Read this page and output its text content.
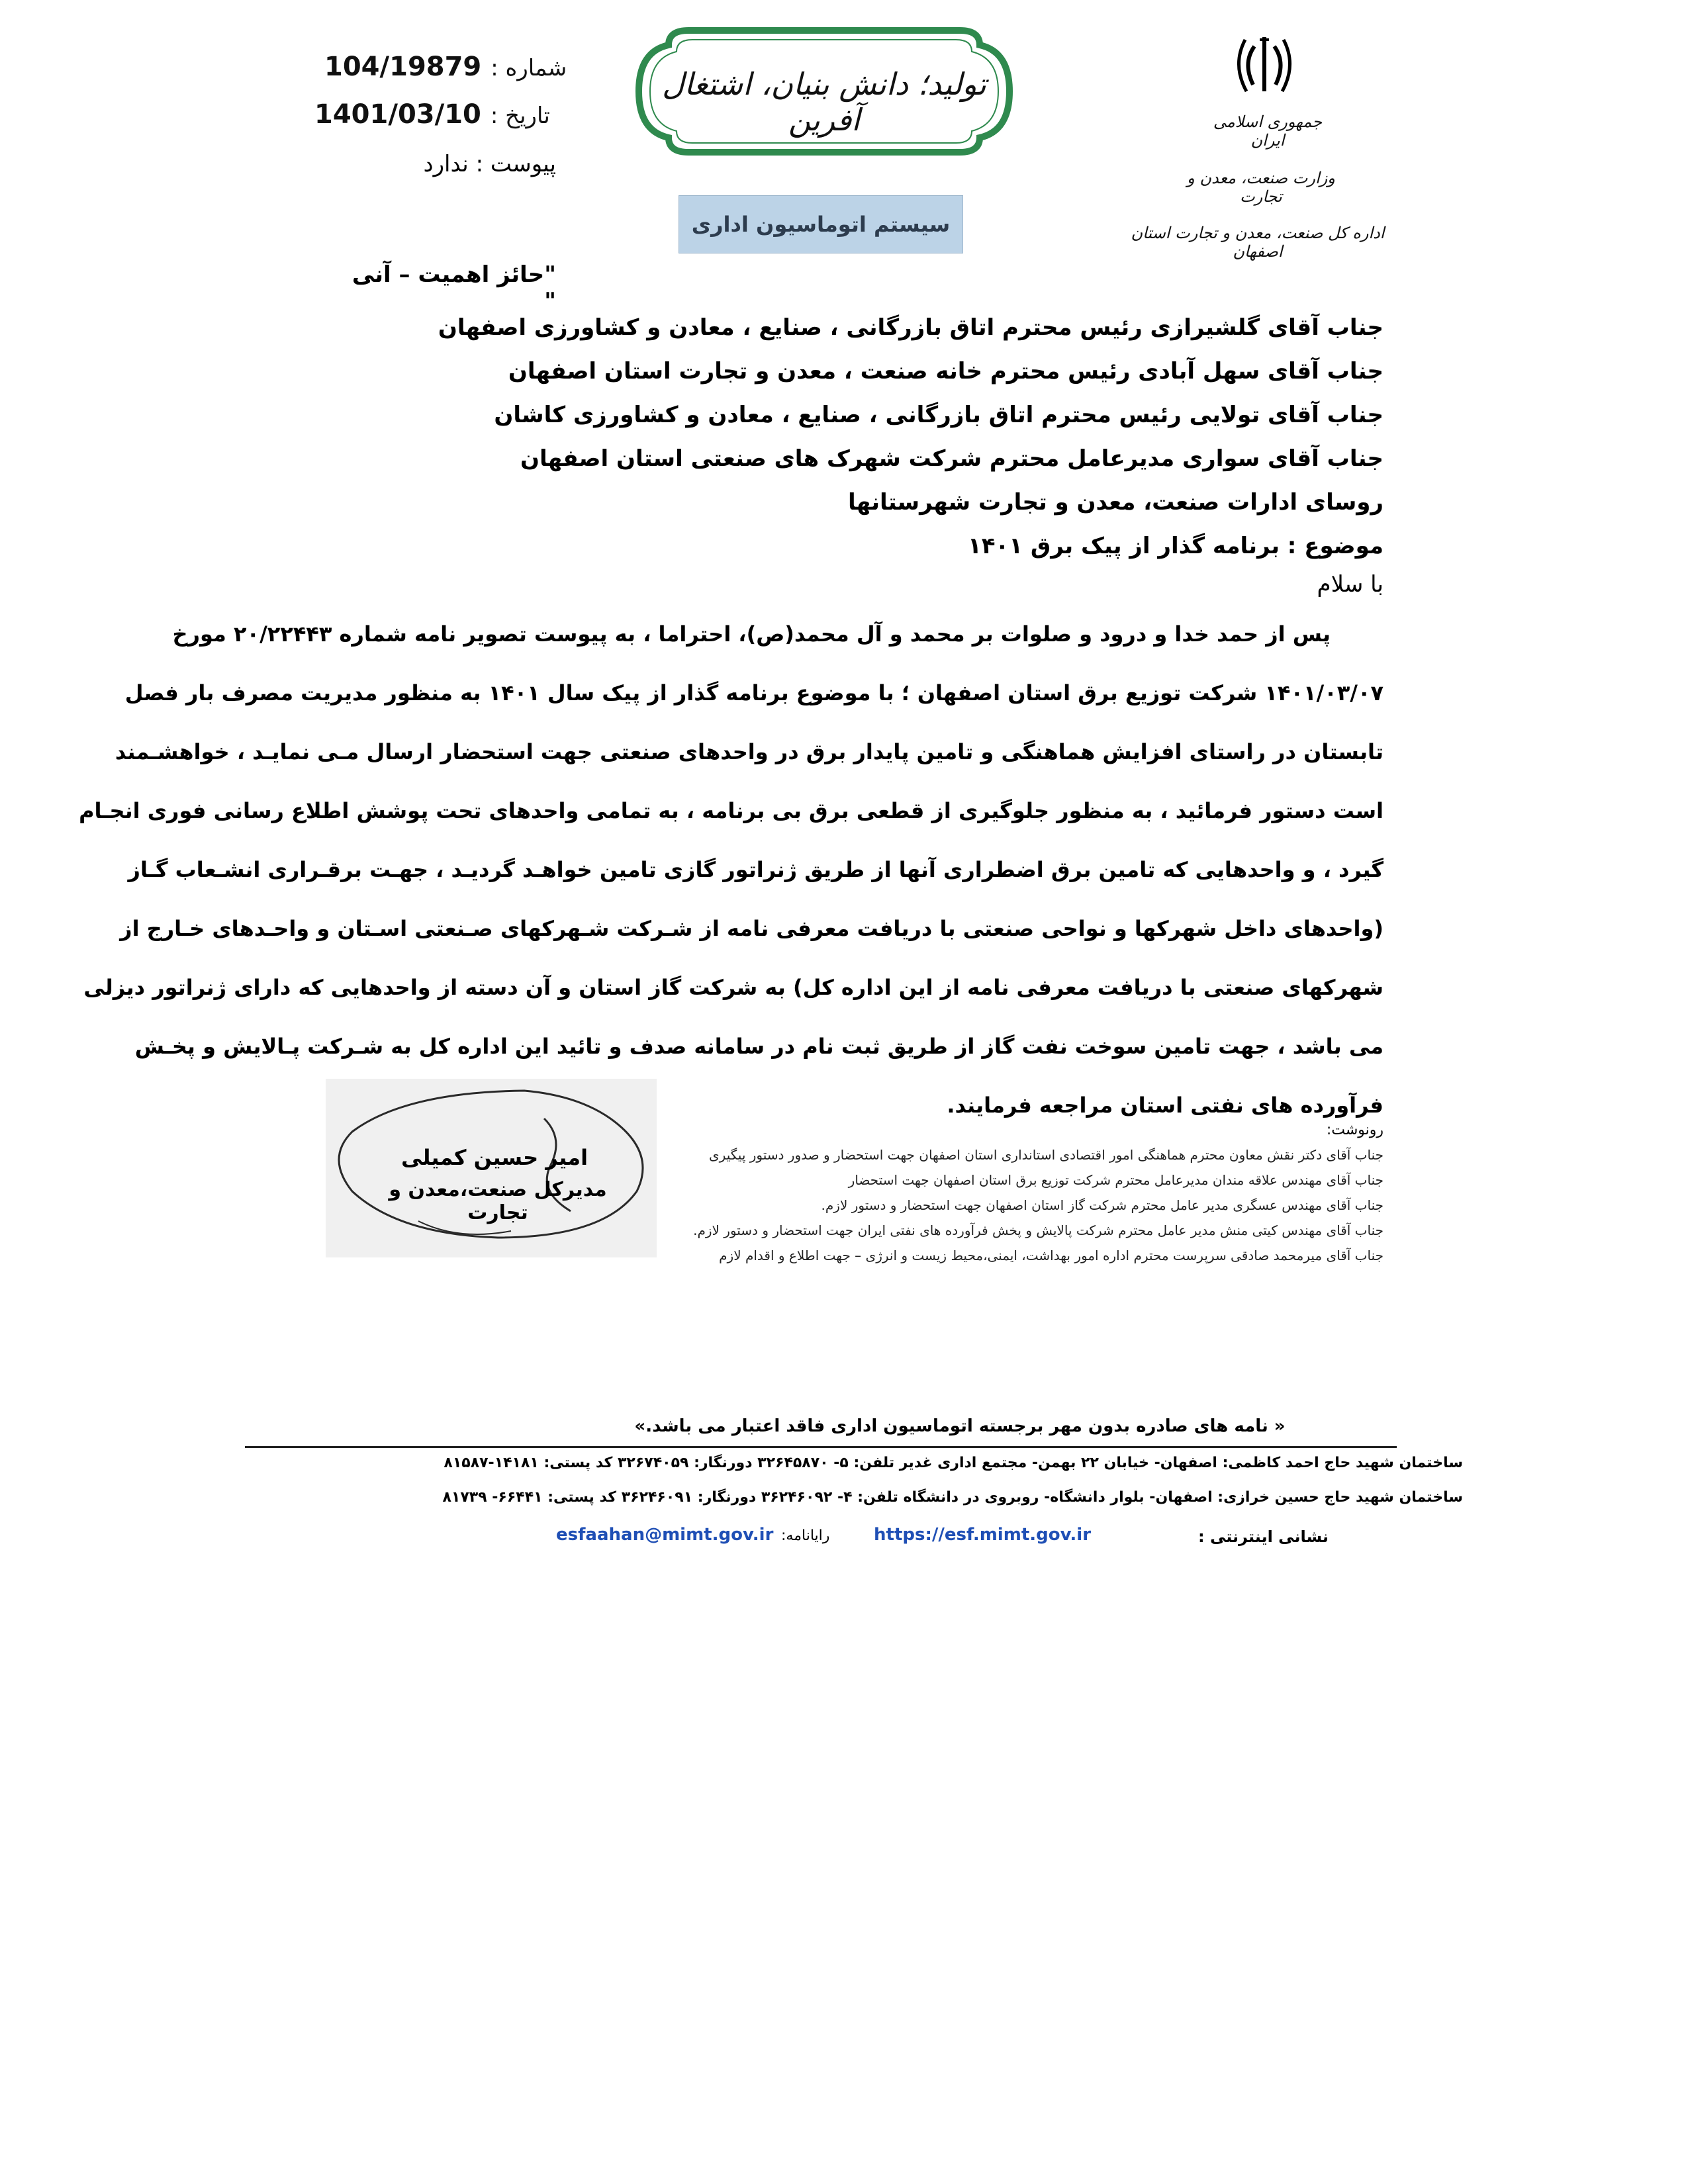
شماره :
104/19879
تاریخ :
1401/03/10
پیوست : ندارد
تولید؛ دانش بنیان، اشتغال آفرین
سیستم اتوماسیون اداری
جمهوری اسلامی ایران
وزارت صنعت، معدن و تجارت
اداره کل صنعت، معدن و تجارت استان اصفهان
"حائز اهمیت – آنی "
جناب آقای گلشیرازی رئیس محترم اتاق بازرگانی ، صنایع ، معادن و کشاورزی اصفهان
جناب آقای سهل آبادی رئیس محترم خانه صنعت ، معدن و تجارت استان اصفهان
جناب آقای تولایی رئیس محترم اتاق بازرگانی ، صنایع ، معادن و کشاورزی کاشان
جناب آقای سواری مدیرعامل محترم شرکت شهرک های صنعتی استان اصفهان
روسای ادارات صنعت، معدن و تجارت شهرستانها
موضوع : برنامه گذار از پیک برق ۱۴۰۱
با سلام
پس از حمد خدا و درود و صلوات بر محمد و آل محمد(ص)، احتراما ، به پیوست تصویر نامه شماره ۲۰/۲۲۴۴۳ مورخ
۱۴۰۱/۰۳/۰۷ شرکت توزیع برق استان اصفهان ؛ با موضوع برنامه گذار از پیک سال ۱۴۰۱ به منظور مدیریت مصرف بار فصل
تابستان در راستای افزایش هماهنگی و تامین پایدار برق در واحدهای صنعتی جهت استحضار ارسال مـی نمایـد ، خواهشـمند
است دستور فرمائید ، به منظور جلوگیری از قطعی برق بی برنامه ، به تمامی واحدهای تحت پوشش اطلاع رسانی فوری انجـام
گیرد ، و واحدهایی که تامین برق اضطراری آنها از طریق ژنراتور گازی تامین خواهـد گردیـد ، جهـت برقـراری انشـعاب گـاز
(واحدهای داخل شهرکها و نواحی صنعتی با دریافت معرفی نامه از شـرکت شـهرکهای صـنعتی اسـتان و واحـدهای خـارج از
شهرکهای صنعتی با دریافت معرفی نامه از این اداره کل) به شرکت گاز استان و آن دسته از واحدهایی که دارای ژنراتور دیزلی
می باشد ، جهت تامین سوخت نفت گاز از طریق ثبت نام در سامانه صدف و تائید این اداره کل به شـرکت پـالایش و پخـش
فرآورده های نفتی استان مراجعه فرمایند.
امیر حسین کمیلی
مدیرکل صنعت،معدن و تجارت
رونوشت:
جناب آقای دکتر نقش معاون محترم هماهنگی امور اقتصادی استانداری استان اصفهان جهت استحضار و صدور دستور پیگیری
جناب آقای مهندس علاقه مندان مدیرعامل محترم شرکت توزیع برق استان اصفهان جهت استحضار
جناب آقای مهندس عسگری مدیر عامل محترم شرکت گاز استان اصفهان جهت استحضار و دستور لازم.
جناب آقای مهندس کیتی منش مدیر عامل محترم شرکت پالایش و پخش فرآورده های نفتی ایران جهت استحضار و دستور لازم.
جناب آقای میرمحمد صادقی سرپرست محترم اداره امور بهداشت، ایمنی،محیط زیست و انرژی – جهت اطلاع و اقدام لازم
« نامه های صادره بدون مهر برجسته اتوماسیون اداری فاقد اعتبار می باشد.»
ساختمان شهید حاج احمد کاظمی: اصفهان- خیابان ۲۲ بهمن- مجتمع اداری غدیر تلفن: ۵- ۳۲۶۴۵۸۷۰ دورنگار: ۳۲۶۷۴۰۵۹ کد پستی: ۱۴۱۸۱-۸۱۵۸۷
ساختمان شهید حاج حسین خرازی: اصفهان- بلوار دانشگاه- روبروی در دانشگاه تلفن: ۴- ۳۶۲۴۶۰۹۲ دورنگار: ۳۶۲۴۶۰۹۱ کد پستی: ۶۶۴۴۱- ۸۱۷۳۹
نشانی اینترنتی :
https://esf.mimt.gov.ir
رایانامه:
esfaahan@mimt.gov.ir
